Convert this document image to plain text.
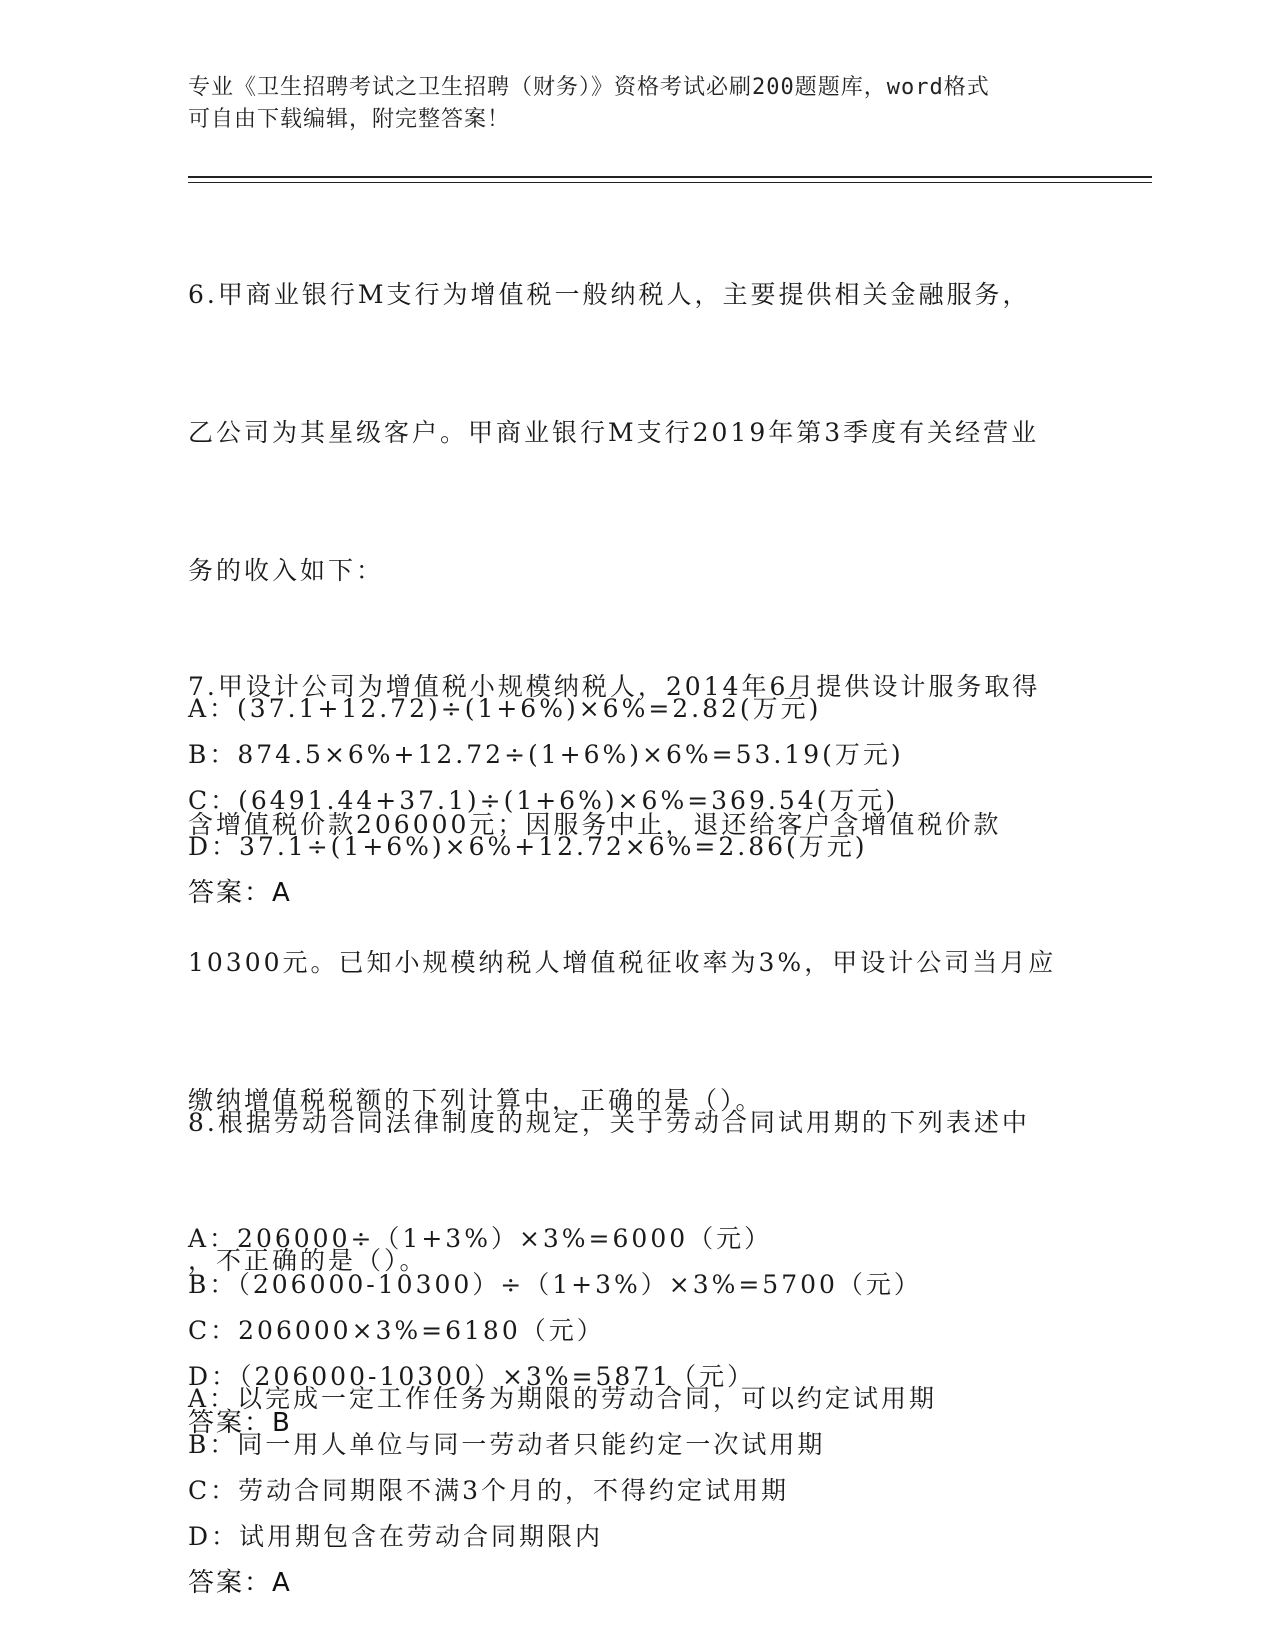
专业《卫生招聘考试之卫生招聘（财务）》资格考试必刷200题题库，word格式
可自由下载编辑，附完整答案！

6.甲商业银行M支行为增值税一般纳税人，主要提供相关金融服务，

乙公司为其星级客户。甲商业银行M支行2019年第3季度有关经营业

务的收入如下：

A：(37.1+12.72)÷(1+6%)×6%=2.82(万元)
B：874.5×6%+12.72÷(1+6%)×6%=53.19(万元)
C：(6491.44+37.1)÷(1+6%)×6%=369.54(万元)
D：37.1÷(1+6%)×6%+12.72×6%=2.86(万元)
答案：A

7.甲设计公司为增值税小规模纳税人，2014年6月提供设计服务取得

含增值税价款206000元；因服务中止，退还给客户含增值税价款

10300元。已知小规模纳税人增值税征收率为3%，甲设计公司当月应

缴纳增值税税额的下列计算中，正确的是（）。

A：206000÷（1+3%）×3%=6000（元）
B：（206000-10300）÷（1+3%）×3%=5700（元）
C：206000×3%=6180（元）
D：（206000-10300）×3%=5871（元）
答案：B

8.根据劳动合同法律制度的规定，关于劳动合同试用期的下列表述中

，不正确的是（）。

A：以完成一定工作任务为期限的劳动合同，可以约定试用期
B：同一用人单位与同一劳动者只能约定一次试用期
C：劳动合同期限不满3个月的，不得约定试用期
D：试用期包含在劳动合同期限内
答案：A
